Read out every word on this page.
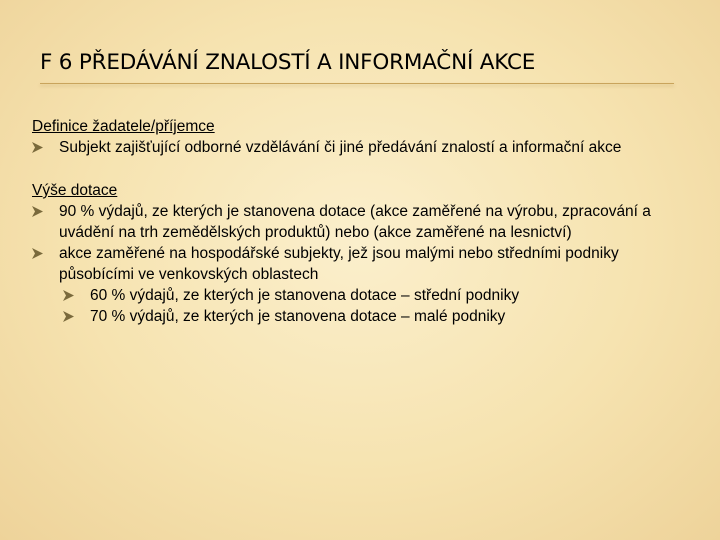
F 6 PŘEDÁVÁNÍ ZNALOSTÍ A INFORMAČNÍ AKCE
Definice žadatele/příjemce
Subjekt zajišťující odborné vzdělávání či jiné předávání znalostí a informační akce
Výše dotace
90 % výdajů, ze kterých je stanovena dotace (akce zaměřené na výrobu, zpracování a uvádění na trh zemědělských produktů) nebo (akce zaměřené na lesnictví)
akce zaměřené na hospodářské subjekty, jež jsou malými nebo středními podniky působícími ve venkovských oblastech
60 % výdajů, ze kterých je stanovena dotace – střední podniky
70 % výdajů, ze kterých je stanovena dotace – malé podniky
